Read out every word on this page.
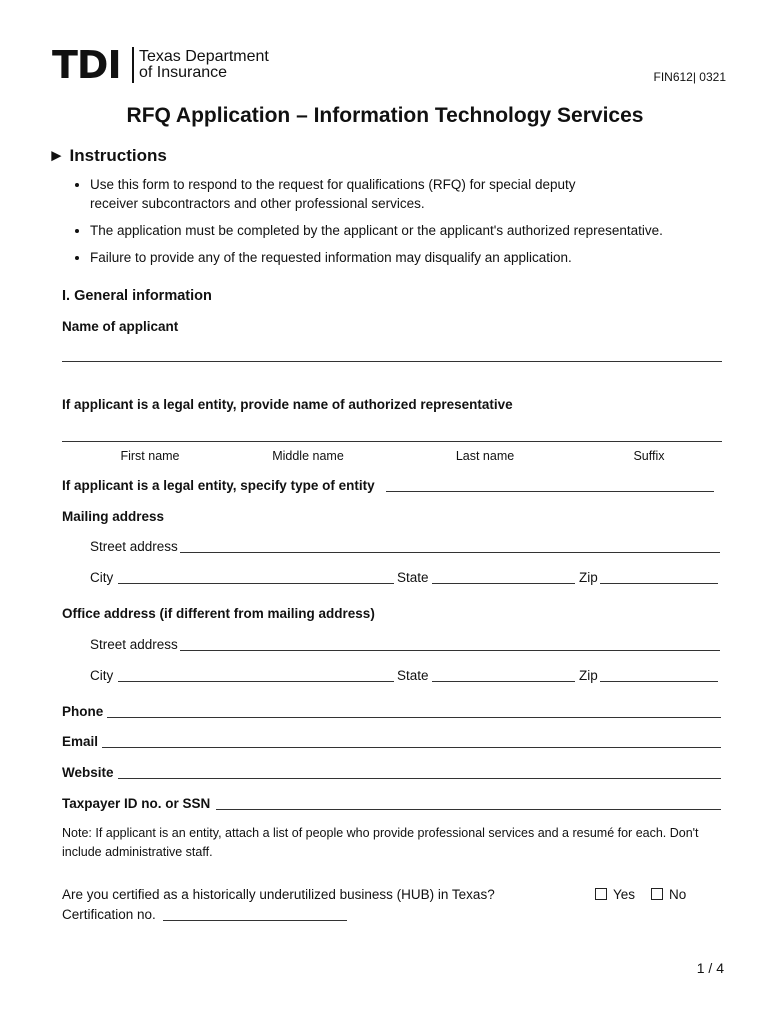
TDI Texas Department
of Insurance	FIN612| 0321
RFQ Application – Information Technology Services
► Instructions
• Use this form to respond to the request for qualifications (RFQ) for special deputy receiver subcontractors and other professional services.
• The application must be completed by the applicant or the applicant's authorized representative.
• Failure to provide any of the requested information may disqualify an application.
I. General information
Name of applicant
If applicant is a legal entity, provide name of authorized representative
First name	Middle name	Last name	Suffix
If applicant is a legal entity, specify type of entity
Mailing address
Street address
City	State	Zip
Office address (if different from mailing address)
Street address
City	State	Zip
Phone
Email
Website
Taxpayer ID no. or SSN
Note: If applicant is an entity, attach a list of people who provide professional services and a resumé for each. Don't include administrative staff.
Are you certified as a historically underutilized business (HUB) in Texas?	Yes	No
Certification no.
1 / 4
